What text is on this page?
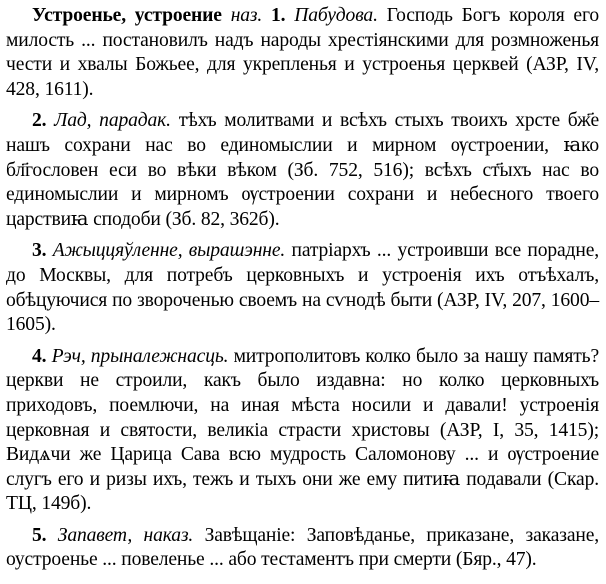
Устроенье, устроение наз. 1. Пабудова. Господь Богъ короля его милость ... постановилъ надъ народы хрестіянскими для розмноженья чести и хвалы Божьее, для укрепленья и устроенья церквей (АЗР, IV, 428, 1611).

2. Лад, парадак. тѣхъ молитвами и всѣхъ стыхъ твоихъ хрсте бж҃е нашъ сохрани нас во единомыслии и мирном ѹстроении, ꙗко бл҃гословен еси во вѣки вѣком (Зб. 752, 516); всѣхъ ст҃ыхъ нас во единомыслии и мирномъ ѹстроении сохрани и небесного твоего царствиꙗ сподоби (Зб. 82, 362б).

3. Ажыццяўленне, вырашэнне. патріархъ ... устроивши все порадне, до Москвы, для потребъ церковныхъ и устроенія ихъ отъѣхалъ, обѣцуючися по звороченью своемъ на сѵнодѣ быти (АЗР, IV, 207, 1600–1605).

4. Рэч, прыналежнасць. митрополитовъ колко было за нашу память? церкви не строили, какъ было издавна: но колко церковныхъ приходовъ, поемлючи, на иная мѣста носили и давали! устроенія церковная и святости, великіа страсти христовы (АЗР, I, 35, 1415); Видѧчи же Царица Сава всю мудрость Саломонову ... и ѹстроение слугъ его и ризы ихъ, тежъ и тыхъ они же ему питиꙗ подавали (Скар. ТЦ, 149б).

5. Запавет, наказ. Завѣщаніе: Заповѣданье, приказане, заказане, оустроенье ... повеленье ... або тестаментъ при смерти (Бяр., 47).
